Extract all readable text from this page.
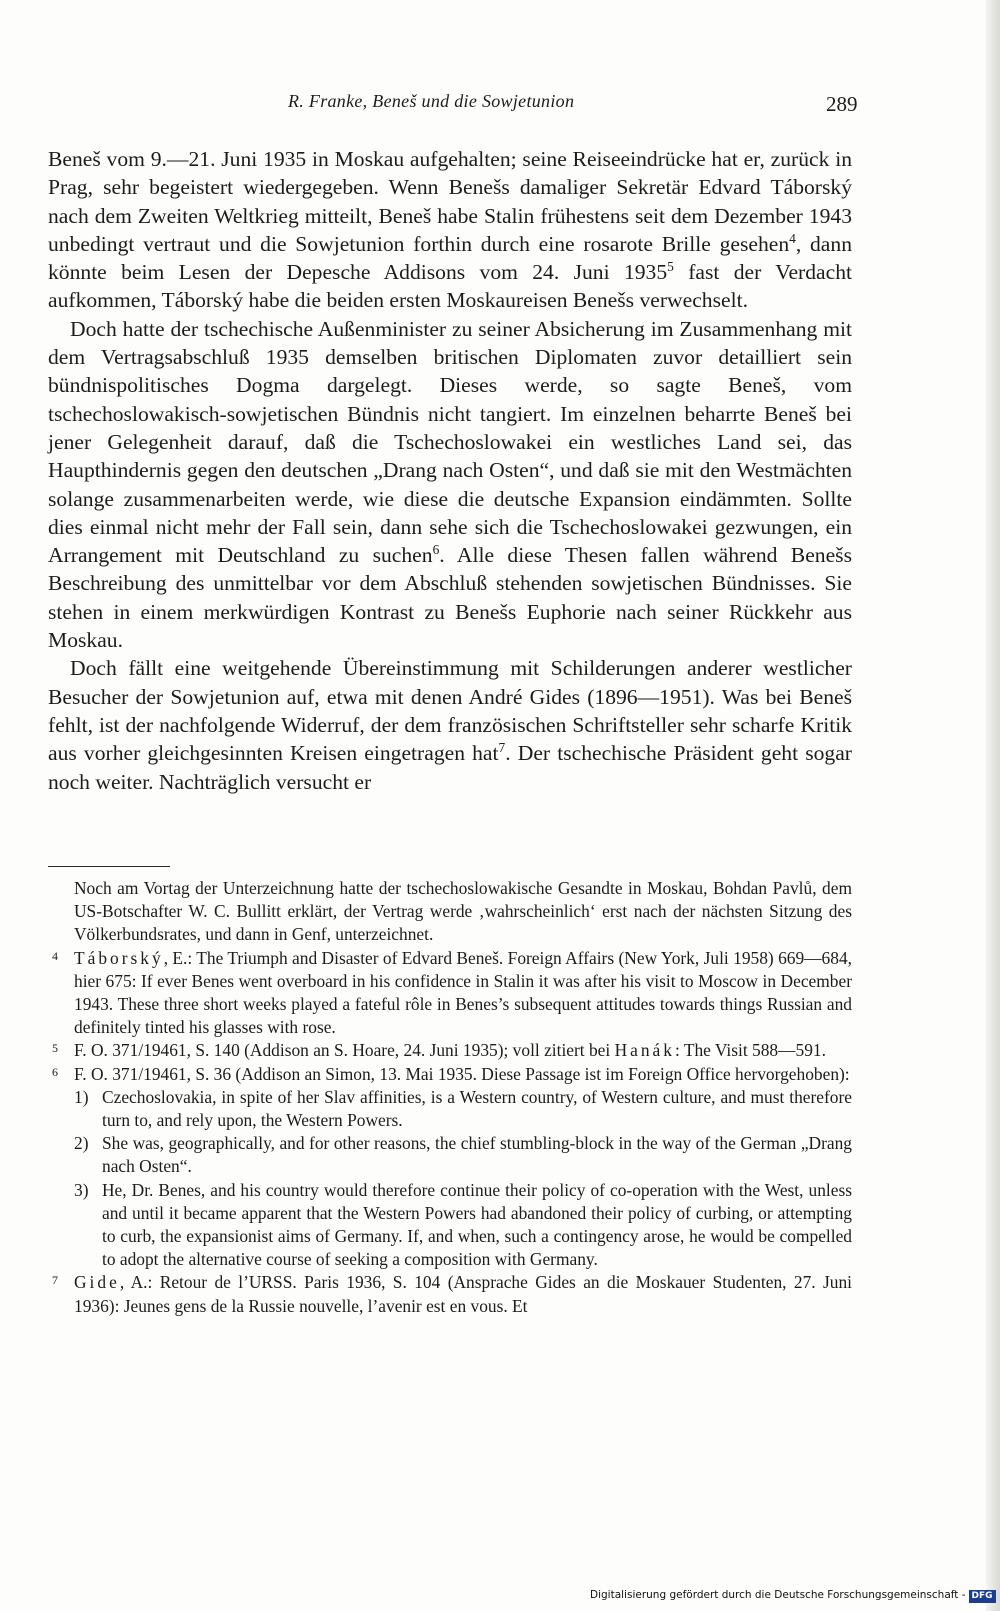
R. Franke, Beneš und die Sowjetunion	289

Beneš vom 9.—21. Juni 1935 in Moskau aufgehalten; seine Reiseeindrücke hat er, zurück in Prag, sehr begeistert wiedergegeben. Wenn Benešs damaliger Sekretär Edvard Táborský nach dem Zweiten Weltkrieg mitteilt, Beneš habe Stalin frühestens seit dem Dezember 1943 unbedingt vertraut und die Sowjetunion forthin durch eine rosarote Brille gesehen$^4$, dann könnte beim Lesen der Depesche Addisons vom 24. Juni 1935$^5$ fast der Verdacht aufkommen, Táborský habe die beiden ersten Moskaureisen Benešs verwechselt.

Doch hatte der tschechische Außenminister zu seiner Absicherung im Zusammenhang mit dem Vertragsabschluß 1935 demselben britischen Diplomaten zuvor detailliert sein bündnispolitisches Dogma dargelegt. Dieses werde, so sagte Beneš, vom tschechoslowakisch-sowjetischen Bündnis nicht tangiert. Im einzelnen beharrte Beneš bei jener Gelegenheit darauf, daß die Tschechoslowakei ein westliches Land sei, das Haupthindernis gegen den deutschen „Drang nach Osten“, und daß sie mit den Westmächten solange zusammenarbeiten werde, wie diese die deutsche Expansion eindämmten. Sollte dies einmal nicht mehr der Fall sein, dann sehe sich die Tschechoslowakei gezwungen, ein Arrangement mit Deutschland zu suchen$^6$. Alle diese Thesen fallen während Benešs Beschreibung des unmittelbar vor dem Abschluß stehenden sowjetischen Bündnisses. Sie stehen in einem merkwürdigen Kontrast zu Benešs Euphorie nach seiner Rückkehr aus Moskau.

Doch fällt eine weitgehende Übereinstimmung mit Schilderungen anderer westlicher Besucher der Sowjetunion auf, etwa mit denen André Gides (1896—1951). Was bei Beneš fehlt, ist der nachfolgende Widerruf, der dem französischen Schriftsteller sehr scharfe Kritik aus vorher gleichgesinnten Kreisen eingetragen hat$^7$. Der tschechische Präsident geht sogar noch weiter. Nachträglich versucht er

Noch am Vortag der Unterzeichnung hatte der tschechoslowakische Gesandte in Moskau, Bohdan Pavlů, dem US-Botschafter W. C. Bullitt erklärt, der Vertrag werde ‚wahrscheinlich‘ erst nach der nächsten Sitzung des Völkerbundsrates, und dann in Genf, unterzeichnet.

4 Táborský, E.: The Triumph and Disaster of Edvard Beneš. Foreign Affairs (New York, Juli 1958) 669—684, hier 675: If ever Benes went overboard in his confidence in Stalin it was after his visit to Moscow in December 1943. These three short weeks played a fateful rôle in Benes’s subsequent attitudes towards things Russian and definitely tinted his glasses with rose.

5 F. O. 371/19461, S. 140 (Addison an S. Hoare, 24. Juni 1935); voll zitiert bei Hanák: The Visit 588—591.

6 F. O. 371/19461, S. 36 (Addison an Simon, 13. Mai 1935. Diese Passage ist im Foreign Office hervorgehoben):

1) Czechoslovakia, in spite of her Slav affinities, is a Western country, of Western culture, and must therefore turn to, and rely upon, the Western Powers.

2) She was, geographically, and for other reasons, the chief stumbling-block in the way of the German „Drang nach Osten“.

3) He, Dr. Benes, and his country would therefore continue their policy of co-operation with the West, unless and until it became apparent that the Western Powers had abandoned their policy of curbing, or attempting to curb, the expansionist aims of Germany. If, and when, such a contingency arose, he would be compelled to adopt the alternative course of seeking a composition with Germany.

7 Gide, A.: Retour de l’URSS. Paris 1936, S. 104 (Ansprache Gides an die Moskauer Studenten, 27. Juni 1936): Jeunes gens de la Russie nouvelle, l’avenir est en vous. Et

Digitalisierung gefördert durch die Deutsche Forschungsgemeinschaft - DFG
